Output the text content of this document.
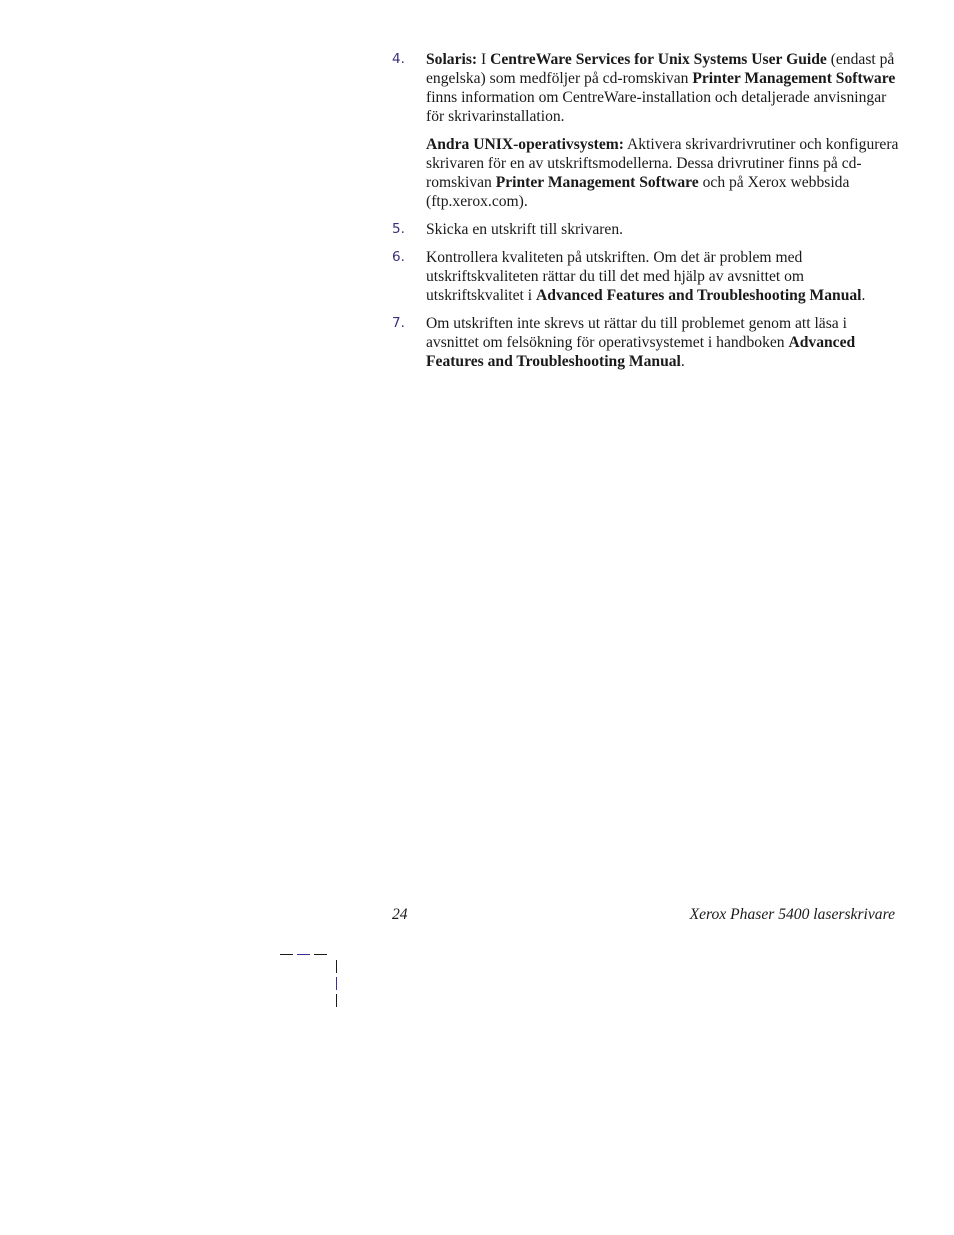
4. Solaris: I CentreWare Services for Unix Systems User Guide (endast på engelska) som medföljer på cd-romskivan Printer Management Software finns information om CentreWare-installation och detaljerade anvisningar för skrivarinstallation.

Andra UNIX-operativsystem: Aktivera skrivardrivrutiner och konfigurera skrivaren för en av utskriftsmodellerna. Dessa drivrutiner finns på cd-romskivan Printer Management Software och på Xerox webbsida (ftp.xerox.com).

5. Skicka en utskrift till skrivaren.

6. Kontrollera kvaliteten på utskriften. Om det är problem med utskriftskvaliteten rättar du till det med hjälp av avsnittet om utskriftskvalitet i Advanced Features and Troubleshooting Manual.

7. Om utskriften inte skrevs ut rättar du till problemet genom att läsa i avsnittet om felsökning för operativsystemet i handboken Advanced Features and Troubleshooting Manual.

24	Xerox Phaser 5400 laserskrivare
